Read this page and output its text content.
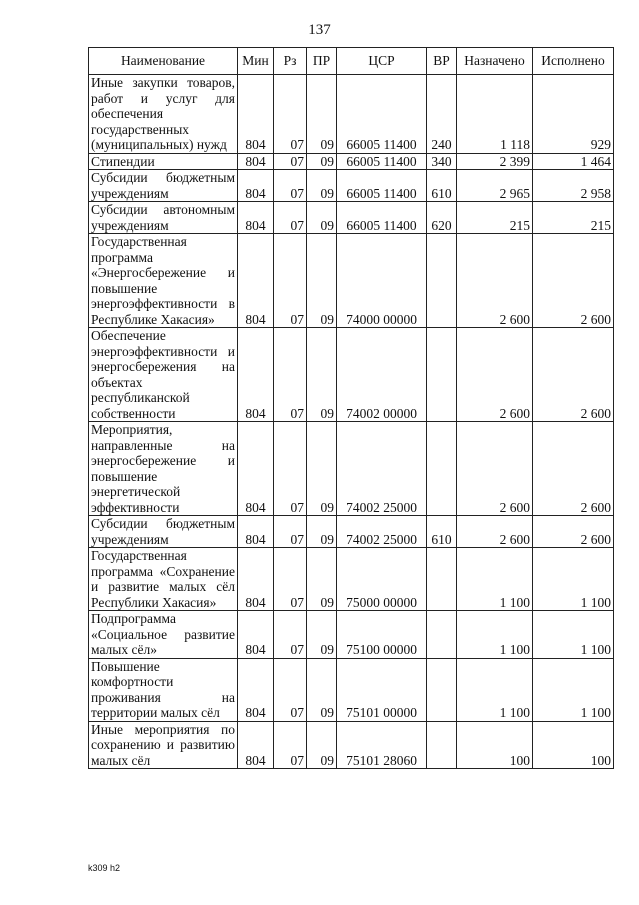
137
Наименование	Мин	Рз	ПР	ЦСР	ВР	Назначено	Исполнено
Иные закупки товаров, работ и услуг для обеспечения государственных (муниципальных) нужд	804	07	09	66005 11400	240	1 118	929
Стипендии	804	07	09	66005 11400	340	2 399	1 464
Субсидии бюджетным учреждениям	804	07	09	66005 11400	610	2 965	2 958
Субсидии автономным учреждениям	804	07	09	66005 11400	620	215	215
Государственная программа «Энергосбережение и повышение энергоэффективности в Республике Хакасия»	804	07	09	74000 00000		2 600	2 600
Обеспечение энергоэффективности и энергосбережения на объектах республиканской собственности	804	07	09	74002 00000		2 600	2 600
Мероприятия, направленные на энергосбережение и повышение энергетической эффективности	804	07	09	74002 25000		2 600	2 600
Субсидии бюджетным учреждениям	804	07	09	74002 25000	610	2 600	2 600
Государственная программа «Сохранение и развитие малых сёл Республики Хакасия»	804	07	09	75000 00000		1 100	1 100
Подпрограмма «Социальное развитие малых сёл»	804	07	09	75100 00000		1 100	1 100
Повышение комфортности проживания на территории малых сёл	804	07	09	75101 00000		1 100	1 100
Иные мероприятия по сохранению и развитию малых сёл	804	07	09	75101 28060		100	100
k309 h2
